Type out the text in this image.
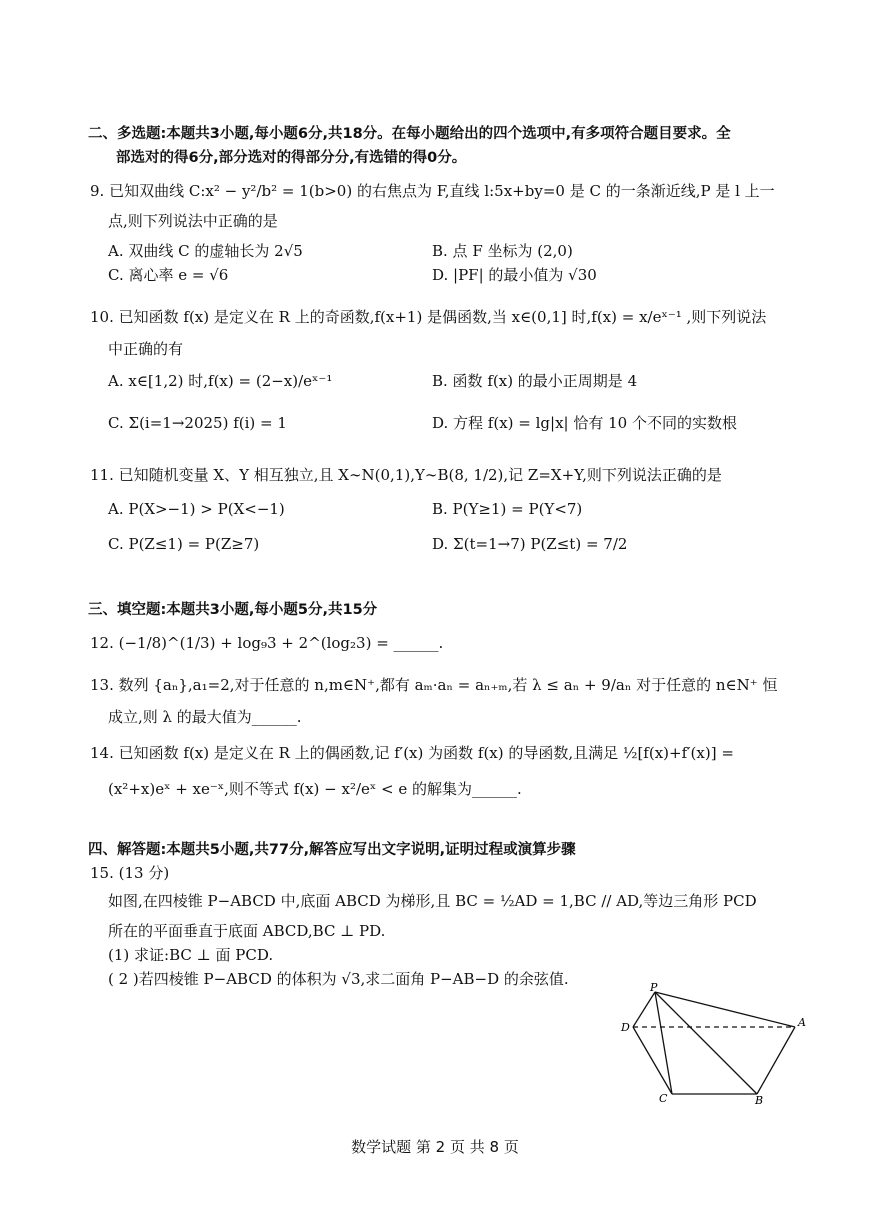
二、多选题:本题共3小题,每小题6分,共18分。在每小题给出的四个选项中,有多项符合题目要求。全
部选对的得6分,部分选对的得部分分,有选错的得0分。
9. 已知双曲线 C:x² − y²/b² = 1(b>0) 的右焦点为 F,直线 l:5x+by=0 是 C 的一条渐近线,P 是 l 上一
点,则下列说法中正确的是
A. 双曲线 C 的虚轴长为 2√5	B. 点 F 坐标为 (2,0)
C. 离心率 e = √6	D. |PF| 的最小值为 √30
10. 已知函数 f(x) 是定义在 R 上的奇函数,f(x+1) 是偶函数,当 x∈(0,1] 时,f(x) = x/eˣ⁻¹ ,则下列说法
中正确的有
A. x∈[1,2) 时,f(x) = (2−x)/eˣ⁻¹	B. 函数 f(x) 的最小正周期是 4
C. Σ(i=1→2025) f(i) = 1	D. 方程 f(x) = lg|x| 恰有 10 个不同的实数根
11. 已知随机变量 X、Y 相互独立,且 X∼N(0,1),Y∼B(8, 1/2),记 Z=X+Y,则下列说法正确的是
A. P(X>−1) > P(X<−1)	B. P(Y≥1) = P(Y<7)
C. P(Z≤1) = P(Z≥7)	D. Σ(t=1→7) P(Z≤t) = 7/2
三、填空题:本题共3小题,每小题5分,共15分
12. (−1/8)^(1/3) + log₉3 + 2^(log₂3) = ______.
13. 数列 {aₙ},a₁=2,对于任意的 n,m∈N⁺,都有 aₘ·aₙ = aₙ₊ₘ,若 λ ≤ aₙ + 9/aₙ 对于任意的 n∈N⁺ 恒
成立,则 λ 的最大值为______.
14. 已知函数 f(x) 是定义在 R 上的偶函数,记 f′(x) 为函数 f(x) 的导函数,且满足 ½[f(x)+f′(x)] =
(x²+x)eˣ + xe⁻ˣ,则不等式 f(x) − x²/eˣ < e 的解集为______.
四、解答题:本题共5小题,共77分,解答应写出文字说明,证明过程或演算步骤
15. (13 分)
如图,在四棱锥 P−ABCD 中,底面 ABCD 为梯形,且 BC = ½AD = 1,BC // AD,等边三角形 PCD
所在的平面垂直于底面 ABCD,BC ⊥ PD.
(1) 求证:BC ⊥ 面 PCD.
( 2 )若四棱锥 P−ABCD 的体积为 √3,求二面角 P−AB−D 的余弦值.	P
D	A
C	B
数学试题 第 2 页 共 8 页
